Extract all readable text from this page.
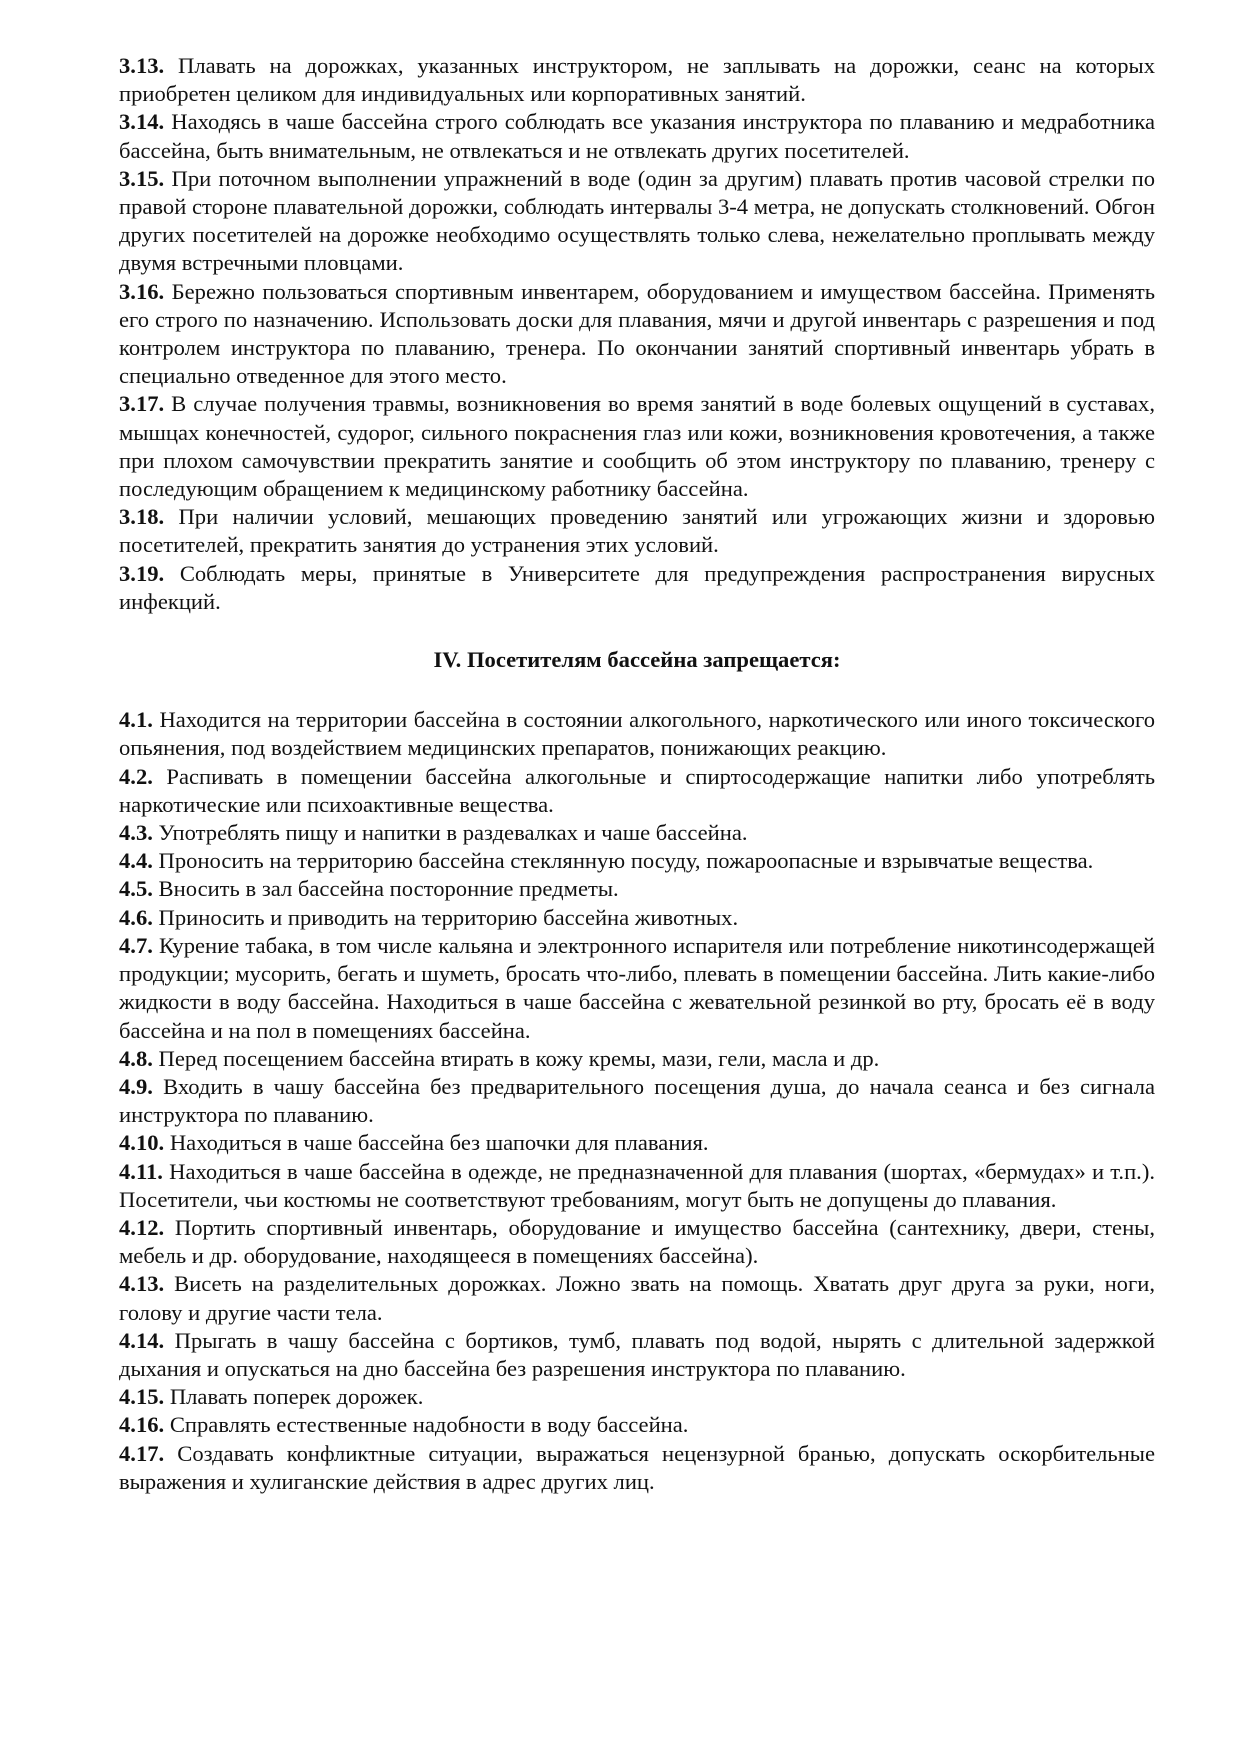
3.13. Плавать на дорожках, указанных инструктором, не заплывать на дорожки, сеанс на которых приобретен целиком для индивидуальных или корпоративных занятий.

3.14. Находясь в чаше бассейна строго соблюдать все указания инструктора по плаванию и медработника бассейна, быть внимательным, не отвлекаться и не отвлекать других посетителей.

3.15. При поточном выполнении упражнений в воде (один за другим) плавать против часовой стрелки по правой стороне плавательной дорожки, соблюдать интервалы 3-4 метра, не допускать столкновений. Обгон других посетителей на дорожке необходимо осуществлять только слева, нежелательно проплывать между двумя встречными пловцами.

3.16. Бережно пользоваться спортивным инвентарем, оборудованием и имуществом бассейна. Применять его строго по назначению. Использовать доски для плавания, мячи и другой инвентарь с разрешения и под контролем инструктора по плаванию, тренера. По окончании занятий спортивный инвентарь убрать в специально отведенное для этого место.

3.17. В случае получения травмы, возникновения во время занятий в воде болевых ощущений в суставах, мышцах конечностей, судорог, сильного покраснения глаз или кожи, возникновения кровотечения, а также при плохом самочувствии прекратить занятие и сообщить об этом инструктору по плаванию, тренеру с последующим обращением к медицинскому работнику бассейна.

3.18. При наличии условий, мешающих проведению занятий или угрожающих жизни и здоровью посетителей, прекратить занятия до устранения этих условий.

3.19. Соблюдать меры, принятые в Университете для предупреждения распространения вирусных инфекций.

IV. Посетителям бассейна запрещается:

4.1. Находится на территории бассейна в состоянии алкогольного, наркотического или иного токсического опьянения, под воздействием медицинских препаратов, понижающих реакцию.

4.2. Распивать в помещении бассейна алкогольные и спиртосодержащие напитки либо употреблять наркотические или психоактивные вещества.

4.3. Употреблять пищу и напитки в раздевалках и чаше бассейна.

4.4. Проносить на территорию бассейна стеклянную посуду, пожароопасные и взрывчатые вещества.

4.5. Вносить в зал бассейна посторонние предметы.

4.6. Приносить и приводить на территорию бассейна животных.

4.7. Курение табака, в том числе кальяна и электронного испарителя или потребление никотинсодержащей продукции; мусорить, бегать и шуметь, бросать что-либо, плевать в помещении бассейна. Лить какие-либо жидкости в воду бассейна. Находиться в чаше бассейна с жевательной резинкой во рту, бросать её в воду бассейна и на пол в помещениях бассейна.

4.8. Перед посещением бассейна втирать в кожу кремы, мази, гели, масла и др.

4.9. Входить в чашу бассейна без предварительного посещения душа, до начала сеанса и без сигнала инструктора по плаванию.

4.10. Находиться в чаше бассейна без шапочки для плавания.

4.11. Находиться в чаше бассейна в одежде, не предназначенной для плавания (шортах, «бермудах» и т.п.). Посетители, чьи костюмы не соответствуют требованиям, могут быть не допущены до плавания.

4.12. Портить спортивный инвентарь, оборудование и имущество бассейна (сантехнику, двери, стены, мебель и др. оборудование, находящееся в помещениях бассейна).

4.13. Висеть на разделительных дорожках. Ложно звать на помощь. Хватать друг друга за руки, ноги, голову и другие части тела.

4.14. Прыгать в чашу бассейна с бортиков, тумб, плавать под водой, нырять с длительной задержкой дыхания и опускаться на дно бассейна без разрешения инструктора по плаванию.

4.15. Плавать поперек дорожек.

4.16. Справлять естественные надобности в воду бассейна.

4.17. Создавать конфликтные ситуации, выражаться нецензурной бранью, допускать оскорбительные выражения и хулиганские действия в адрес других лиц.
